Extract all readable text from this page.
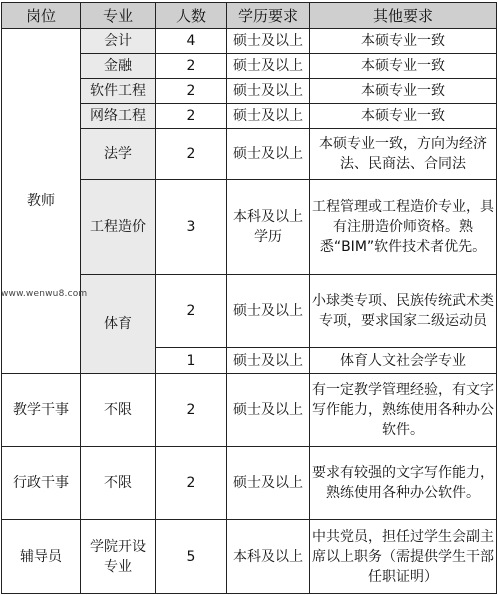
岗位	专业	人数	学历要求	其他要求
教师	会计	4	硕士及以上	本硕专业一致
	金融	2	硕士及以上	本硕专业一致
	软件工程	2	硕士及以上	本硕专业一致
	网络工程	2	硕士及以上	本硕专业一致
	法学	2	硕士及以上	本硕专业一致，方向为经济法、民商法、合同法
	工程造价	3	本科及以上学历	工程管理或工程造价专业，具有注册造价师资格。熟悉“BIM”软件技术者优先。
	体育	2	硕士及以上	小球类专项、民族传统武术类专项，要求国家二级运动员
		1	硕士及以上	体育人文社会学专业
教学干事	不限	2	硕士及以上	有一定教学管理经验，有文字写作能力，熟练使用各种办公软件。
行政干事	不限	2	硕士及以上	要求有较强的文字写作能力，熟练使用各种办公软件。
辅导员	学院开设专业	5	本科及以上	中共党员，担任过学生会副主席以上职务（需提供学生干部任职证明）
www.wenwu8.com
